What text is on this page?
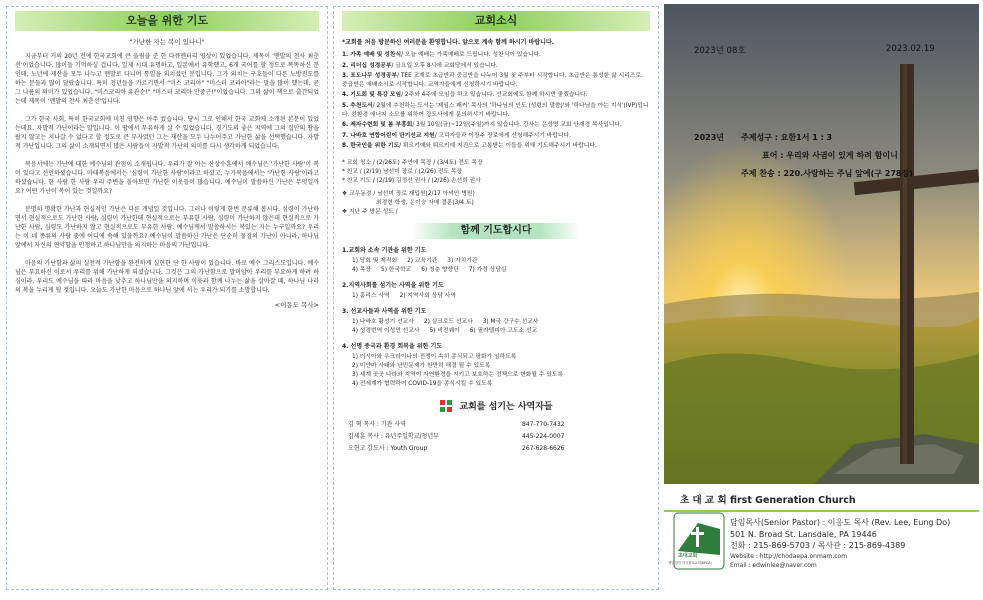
오늘을 위한 기도
"가난한 자는 복이 있나니"

지금부터 거의 20년 전에 한국교회에 큰 울림을 준 한 다큐멘터리 영상이 있었습니다. 제목이 '맨발의 천사 최춘선'이었습니다. 많이들 기억하실 겁니다. 일제 시대 유명하고, 일본에서 유학했고, 6개 국어를 할 정도로 똑똑하신 분인데, 노년에 재산을 모두 나누고 맨발로 다니며 통일을 외치셨던 분입니다. 그가 외치는 구호들이 다른 노방전도를 하는 분들과 많이 달랐습니다. 특히 청년들을 가르키면서 "미스 코리아" "미스터 코리아"라는 말을 많이 했는데, 곧 그 나름의 의미가 있었습니다. "미스코리아 유관순!" "미스터 코리아 안중근!"이었습니다. 그의 삶이 책으로 출간되었는데 제목이 '맨발의 천사 최춘선'입니다.

그가 한국 사회, 특히 한국교회에 미친 영향은 아주 컸습니다. 당시 그로 인해서 한국 교회에 소개된 본문이 있었는데요. 자발적 가난이라는 말입니다. 이 땅에서 부유하게 살 수 있었습니다. 경기도의 좋은 지역에 그의 집안의 땅을 팔지 않고는 지나갈 수 없다고 할 정도로 큰 부자였던 그는 재산을 모두 나누어주고 가난한 삶을 선택했습니다. 자발적 가난입니다. 그의 삶이 소개되면서 많은 사람들이 자발적 가난의 의미를 다시 생각하게 되었습니다.

복음서에는 가난에 대한 예수님의 관점이 소개됩니다. 우리가 잘 아는 산상수훈에서 예수님은 '가난한 사람'이 복이 있다고 선언하셨습니다. 마태복음에서는 '심령이 가난한 사람'이라고 하셨고, 누가복음에서는 '가난한 사람'이라고 하셨습니다. 한 사람 한 사람 우리 주변을 돌아보면 가난한 이웃들이 많습니다. 예수님이 말씀하신 가난은 무엇일까요? 어떤 가난이 복이 있는 것일까요?

분명히 명확한 가난과 현실적인 가난은 다른 개념일 것입니다. 그러나 이렇게 한번 분류해 봅시다. 심령이 가난하면서 현실적으로도 가난한 사람, 심령이 가난한데 현실적으로는 부유한 사람, 심령이 가난하지 않은데 현실적으로 가난한 사람, 심령도 가난하지 않고 현실적으로도 부유한 사람. 예수님께서 말씀하시는 복있는 자는 누구일까요? 우리는 이 네 종류의 사람 중에 어디에 속해 있을까요? 예수님이 말씀하신 가난은 단순히 물질의 가난이 아니라, 하나님 앞에서 자신의 연약함을 인정하고 하나님만을 의지하는 마음의 가난입니다.

마음의 가난함과 삶의 실천적 가난함을 완전하게 실현한 단 한 사람이 있습니다. 바로 예수 그리스도입니다. 예수님은 부요하신 이로서 우리를 위해 가난하게 되셨습니다. 그것은 그의 가난함으로 말미암아 우리를 부요하게 하려 하심이라. 우리도 예수님을 따라 마음을 낮추고 하나님만을 의지하며 이웃과 함께 나누는 삶을 살아갈 때, 하나님 나라의 복을 누리게 될 것입니다. 오늘도 가난한 마음으로 하나님 앞에 서는 우리가 되기를 소망합니다.

<이동도 목사>
교회소식
*교회를 처음 방문하신 여러분을 환영합니다. 앞으로 계속 함께 하시기 바랍니다.
1. 가족 예배 및 성찬식/ 오늘 예배는 가족예배로 드립니다. 성찬식이 있습니다.
2. 리더십 성경공부/ 금요일 오후 8시에 교회당에서 있습니다.
3. 포도나무 성경공부/ TEE 교재로 초급반과 중급반을 나누어 3월 첫 주부터 시작합니다. 초급반은 통성한 삶 시리즈로, 중급반은 예배소서로 시작합니다. 교역자들에게 신청하시기 바랍니다.
4. 기도회 및 특강 모임/ 2주와 4주에 모임을 하고 있습니다. 선교회에도 함께 하시면 좋겠습니다.
5. 추천도서/ 2월에 추천하는 도서는 '제임스 패커' 목사의 '하나님의 인도 (성령의 말씀)'와 '하나님을 아는 지식'(IVP)입니다. 친환경 에너지 소모를 위하여 강도사에게 문의하시기 바랍니다.
6. 제자수련회 및 봄 부흥회/ 3월 10일(금)~12일(주일)까지 있습니다. 강사는 은성명 교회 안재경 목사입니다.
7. 나바호 연합어린이 단기선교 지원/ 고덕자들과 이장주 장로에게 신청해주시기 바랍니다.
8. 한국인을 위한 기도/ 튀르키예와 튀르키예 지진으로 고통받는 이들을 위해 기도해주시기 바랍니다.
* 교회 청소 / (2/26토) 주연에 목장 / (3/4토) 전도 목장
* 친교 / (2/19) 남선미 장로 / (2/26) 전도 목장
* 친교 기도 / (2/19) 김정선 권사 / (2/26) 손선희 권사
❖ 교우동정 / 남선미 장로 재입원(2/17 아씨안 병원)
최경현 학생, 은이승 자매 결혼(3/4 토)
❖ 지난 주 방문 성도 /
함께 기도합시다
1.교회와 소속 기관을 위한 기도
1) 당회 및 제직회 2) 교육기관 3) 자치기관
4) 목장 5) 한국학교 6) 청춘 향향단 7) 가정 상담실
2.지역사회를 섬기는 사역을 위한 기도
1) 홈리스 사역 2) 지역사회 상담 사역
3. 선교사들과 사역을 위한 기도
1) 나바호 황성기 선교사 2) 실크로드 선교사 3) M국 강구수 선교사
4) 성경번역 이성민 선교사 5) 비전퀘이 6) 필라델피아 고도소 선교
4. 선명 중국과 환경 회복을 위한 기도
1) 러시아와 우크라이나의 전쟁이 속히 종식되고 평화가 임하도록
2) 미얀마 사태와 난민문제가 원만히 해결 될 수 있도록
3) 세계 곳곳 나라와 지역이 자연환경을 지키고 보호하는 정책으로 변화될 수 있도록
4) 전세계가 협력하여 COVID-19을 종식시킬 수 있도록
교회를 섬기는 사역자들
김 혁 목사 : 기관 사역	847-770-7432
김세훈 목사 : 유년주일학교/청년부	445-224-0007
오현고 강도사 : Youth Group	267-628-6626
2023년 08호	2023.02.19
2023년 주제성구 : 요한1서 1 : 3
표어 : 우리와 사귐이 있게 하려 함이니
주제 찬송 : 220.사랑하는 주님 앞에(구 278장)
초 대 교 회 first Generation Church
초대교회
제일 한인 미국장로교회(KPCA)
담임목사(Senior Pastor) : 이응도 목사 (Rev. Lee, Eung Do)
501 N. Broad St. Lansdale, PA 19446
전화 : 215-869-5703 / 목사관 : 215-869-4389
Website : http://chodaepa.onmam.com
Email : edwinlee@naver.com
